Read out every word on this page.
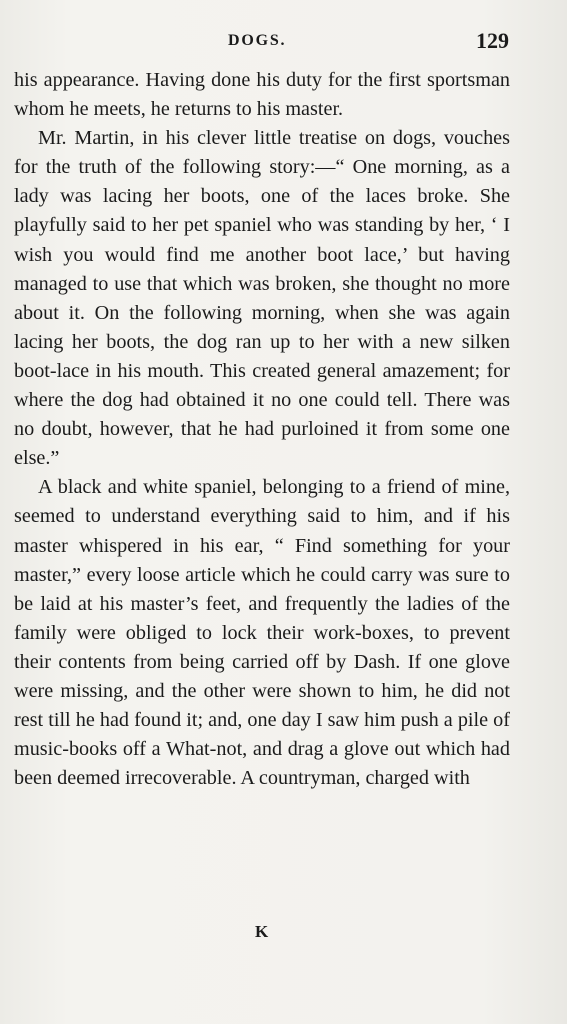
DOGS.	129

his appearance. Having done his duty for the first sportsman whom he meets, he returns to his master.

Mr. Martin, in his clever little treatise on dogs, vouches for the truth of the following story:—“ One morning, as a lady was lacing her boots, one of the laces broke. She playfully said to her pet spaniel who was standing by her, ‘ I wish you would find me another boot lace,’ but having managed to use that which was broken, she thought no more about it. On the following morning, when she was again lacing her boots, the dog ran up to her with a new silken boot-lace in his mouth. This created general amazement; for where the dog had obtained it no one could tell. There was no doubt, however, that he had purloined it from some one else.”

A black and white spaniel, belonging to a friend of mine, seemed to understand everything said to him, and if his master whispered in his ear, “ Find something for your master,” every loose article which he could carry was sure to be laid at his master’s feet, and frequently the ladies of the family were obliged to lock their work-boxes, to prevent their contents from being carried off by Dash. If one glove were missing, and the other were shown to him, he did not rest till he had found it; and, one day I saw him push a pile of music-books off a What-not, and drag a glove out which had been deemed irrecoverable. A countryman, charged with

K
